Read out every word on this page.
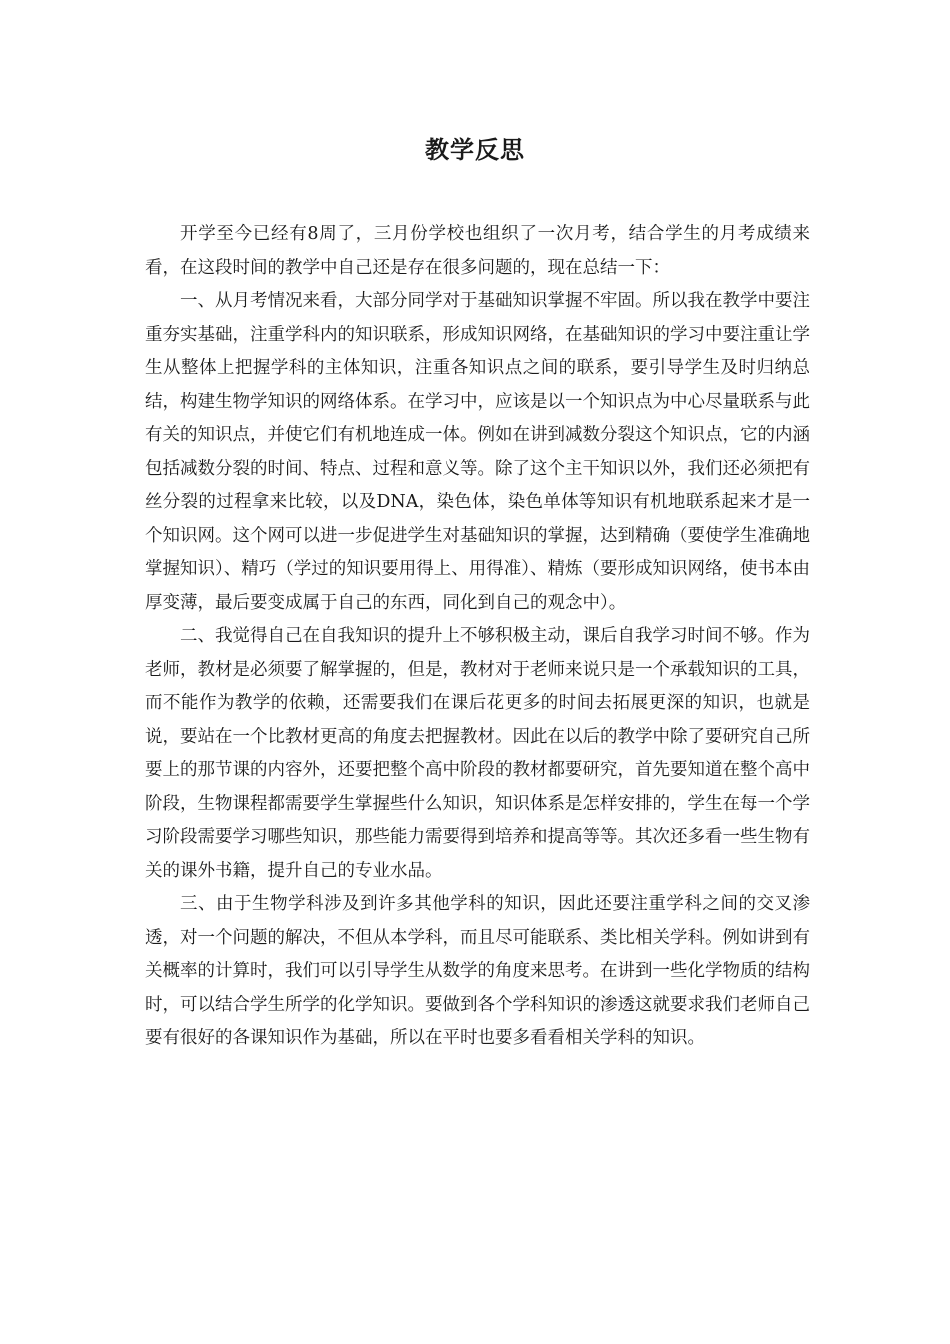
教学反思

开学至今已经有8周了，三月份学校也组织了一次月考，结合学生的月考成绩来看，在这段时间的教学中自己还是存在很多问题的，现在总结一下：

一、从月考情况来看，大部分同学对于基础知识掌握不牢固。所以我在教学中要注重夯实基础，注重学科内的知识联系，形成知识网络，在基础知识的学习中要注重让学生从整体上把握学科的主体知识，注重各知识点之间的联系，要引导学生及时归纳总结，构建生物学知识的网络体系。在学习中，应该是以一个知识点为中心尽量联系与此有关的知识点，并使它们有机地连成一体。例如在讲到减数分裂这个知识点，它的内涵包括减数分裂的时间、特点、过程和意义等。除了这个主干知识以外，我们还必须把有丝分裂的过程拿来比较，以及DNA，染色体，染色单体等知识有机地联系起来才是一个知识网。这个网可以进一步促进学生对基础知识的掌握，达到精确（要使学生准确地掌握知识）、精巧（学过的知识要用得上、用得准）、精炼（要形成知识网络，使书本由厚变薄，最后要变成属于自己的东西，同化到自己的观念中）。

二、我觉得自己在自我知识的提升上不够积极主动，课后自我学习时间不够。作为老师，教材是必须要了解掌握的，但是，教材对于老师来说只是一个承载知识的工具，而不能作为教学的依赖，还需要我们在课后花更多的时间去拓展更深的知识，也就是说，要站在一个比教材更高的角度去把握教材。因此在以后的教学中除了要研究自己所要上的那节课的内容外，还要把整个高中阶段的教材都要研究，首先要知道在整个高中阶段，生物课程都需要学生掌握些什么知识，知识体系是怎样安排的，学生在每一个学习阶段需要学习哪些知识，那些能力需要得到培养和提高等等。其次还多看一些生物有关的课外书籍，提升自己的专业水品。

三、由于生物学科涉及到许多其他学科的知识，因此还要注重学科之间的交叉渗透，对一个问题的解决，不但从本学科，而且尽可能联系、类比相关学科。例如讲到有关概率的计算时，我们可以引导学生从数学的角度来思考。在讲到一些化学物质的结构时，可以结合学生所学的化学知识。要做到各个学科知识的渗透这就要求我们老师自己要有很好的各课知识作为基础，所以在平时也要多看看相关学科的知识。
